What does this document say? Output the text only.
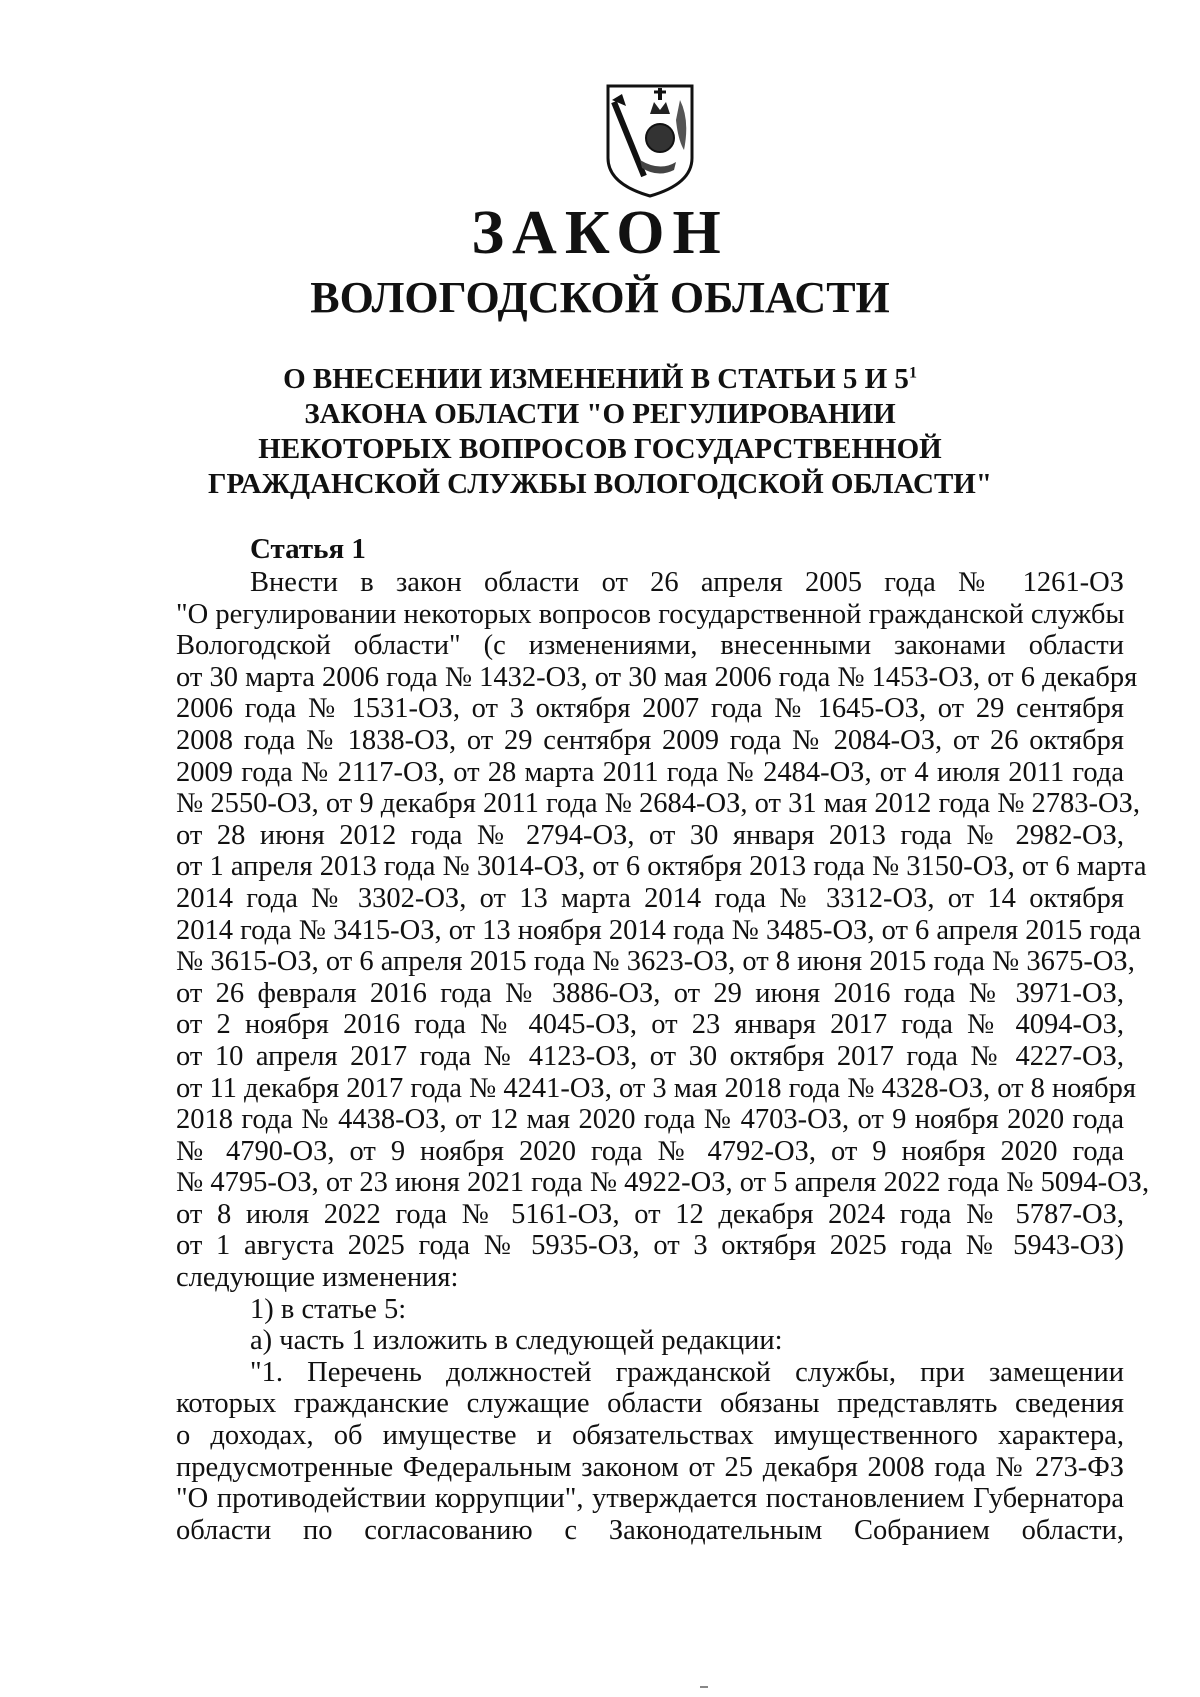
ЗАКОН
ВОЛОГОДСКОЙ ОБЛАСТИ
О ВНЕСЕНИИ ИЗМЕНЕНИЙ В СТАТЬИ 5 И $5^1$
ЗАКОНА ОБЛАСТИ "О РЕГУЛИРОВАНИИ
НЕКОТОРЫХ ВОПРОСОВ ГОСУДАРСТВЕННОЙ
ГРАЖДАНСКОЙ СЛУЖБЫ ВОЛОГОДСКОЙ ОБЛАСТИ"
Статья 1
Внести в закон области от 26 апреля 2005 года № 1261-ОЗ
"О регулировании некоторых вопросов государственной гражданской службы
Вологодской области" (с изменениями, внесенными законами области
от 30 марта 2006 года № 1432-ОЗ, от 30 мая 2006 года № 1453-ОЗ, от 6 декабря
2006 года № 1531-ОЗ, от 3 октября 2007 года № 1645-ОЗ, от 29 сентября
2008 года № 1838-ОЗ, от 29 сентября 2009 года № 2084-ОЗ, от 26 октября
2009 года № 2117-ОЗ, от 28 марта 2011 года № 2484-ОЗ, от 4 июля 2011 года
№ 2550-ОЗ, от 9 декабря 2011 года № 2684-ОЗ, от 31 мая 2012 года № 2783-ОЗ,
от 28 июня 2012 года № 2794-ОЗ, от 30 января 2013 года № 2982-ОЗ,
от 1 апреля 2013 года № 3014-ОЗ, от 6 октября 2013 года № 3150-ОЗ, от 6 марта
2014 года № 3302-ОЗ, от 13 марта 2014 года № 3312-ОЗ, от 14 октября
2014 года № 3415-ОЗ, от 13 ноября 2014 года № 3485-ОЗ, от 6 апреля 2015 года
№ 3615-ОЗ, от 6 апреля 2015 года № 3623-ОЗ, от 8 июня 2015 года № 3675-ОЗ,
от 26 февраля 2016 года № 3886-ОЗ, от 29 июня 2016 года № 3971-ОЗ,
от 2 ноября 2016 года № 4045-ОЗ, от 23 января 2017 года № 4094-ОЗ,
от 10 апреля 2017 года № 4123-ОЗ, от 30 октября 2017 года № 4227-ОЗ,
от 11 декабря 2017 года № 4241-ОЗ, от 3 мая 2018 года № 4328-ОЗ, от 8 ноября
2018 года № 4438-ОЗ, от 12 мая 2020 года № 4703-ОЗ, от 9 ноября 2020 года
№ 4790-ОЗ, от 9 ноября 2020 года № 4792-ОЗ, от 9 ноября 2020 года
№ 4795-ОЗ, от 23 июня 2021 года № 4922-ОЗ, от 5 апреля 2022 года № 5094-ОЗ,
от 8 июля 2022 года № 5161-ОЗ, от 12 декабря 2024 года № 5787-ОЗ,
от 1 августа 2025 года № 5935-ОЗ, от 3 октября 2025 года № 5943-ОЗ)
следующие изменения:
1) в статье 5:
а) часть 1 изложить в следующей редакции:
"1. Перечень должностей гражданской службы, при замещении
которых гражданские служащие области обязаны представлять сведения
о доходах, об имуществе и обязательствах имущественного характера,
предусмотренные Федеральным законом от 25 декабря 2008 года № 273-ФЗ
"О противодействии коррупции", утверждается постановлением Губернатора
области по согласованию с Законодательным Собранием области,
